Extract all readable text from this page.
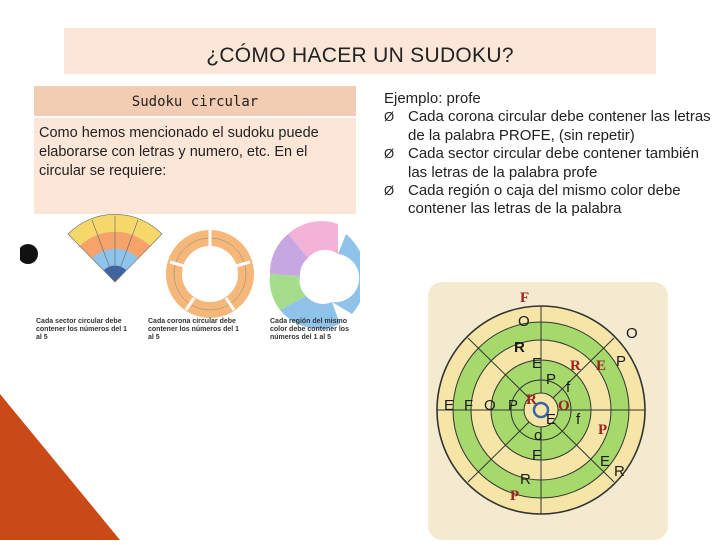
¿CÓMO HACER UN SUDOKU?
Sudoku circular
Como hemos mencionado el sudoku puede elaborarse con letras y numero, etc. En el circular se requiere:
Cada sector circular debe contener los números del 1 al 5
Cada corona circular debe contener los números del 1 al 5
Cada región del mismo color debe contener los números del 1 al 5
Ejemplo: profe
Ø Cada corona circular debe contener las letras de la palabra PROFE, (sin repetir)
Ø Cada sector circular debe contener también las letras de la palabra profe
Ø Cada región o caja del mismo color debe contener las letras de la palabra
F
O
O
R
E	E P
P
R
f
E F O P R O
f
E
o	P
F	E
R
R
P
